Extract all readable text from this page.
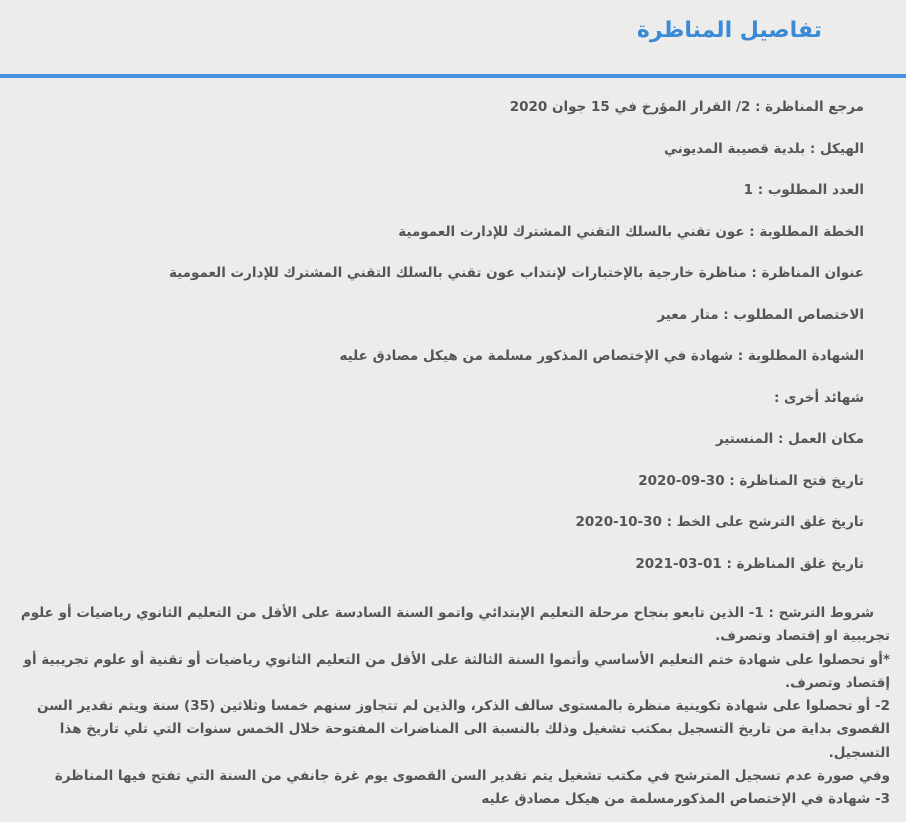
تفاصيل المناظرة
مرجع المناظرة : 2/ القرار المؤرخ في 15 جوان 2020
الهيكل : بلدية قصيبة المديوني
العدد المطلوب : 1
الخطة المطلوبة : عون تقني بالسلك التقني المشترك للإدارت العمومية
عنوان المناظرة : مناظرة خارجية بالإختبارات لإنتداب عون تقني بالسلك التقني المشترك للإدارت العمومية
الاختصاص المطلوب : متار معير
الشهادة المطلوبة : شهادة في الإختصاص المذكور مسلمة من هيكل مصادق عليه
شهائد أخرى :
مكان العمل : المنستير
تاريخ فتح المناظرة : 30-09-2020
تاريخ غلق الترشح على الخط : 30-10-2020
تاريخ غلق المناظرة : 01-03-2021

شروط الترشح : 1- الذين تابعو بنجاح مرحلة التعليم الإبتدائي واتمو السنة السادسة على الأقل من التعليم الثانوي رياضيات أو علوم تجريبية او إقتصاد وتصرف.

*أو تحصلوا على شهادة ختم التعليم الأساسي وأتموا السنة الثالثة على الأقل من التعليم الثانوي رياضيات أو تقنية أو علوم تجريبية أو إقتصاد وتصرف.

2- أو تحصلوا على شهادة تكوينية منظرة بالمستوى سالف الذكر، والذين لم تتجاوز سنهم خمسا وثلاثين (35) سنة ويتم تقدير السن القصوى بداية من تاريخ التسجيل بمكتب تشغيل وذلك بالنسبة الى المناضرات المفتوحة خلال الخمس سنوات التي تلي تاريخ هذا التسجيل.

وفي صورة عدم تسجيل المترشح في مكتب تشغيل يتم تقدير السن القصوى يوم غرة جانفي من السنة التي تفتح فيها المناظرة

3- شهادة في الإختصاص المذكورمسلمة من هيكل مصادق عليه
